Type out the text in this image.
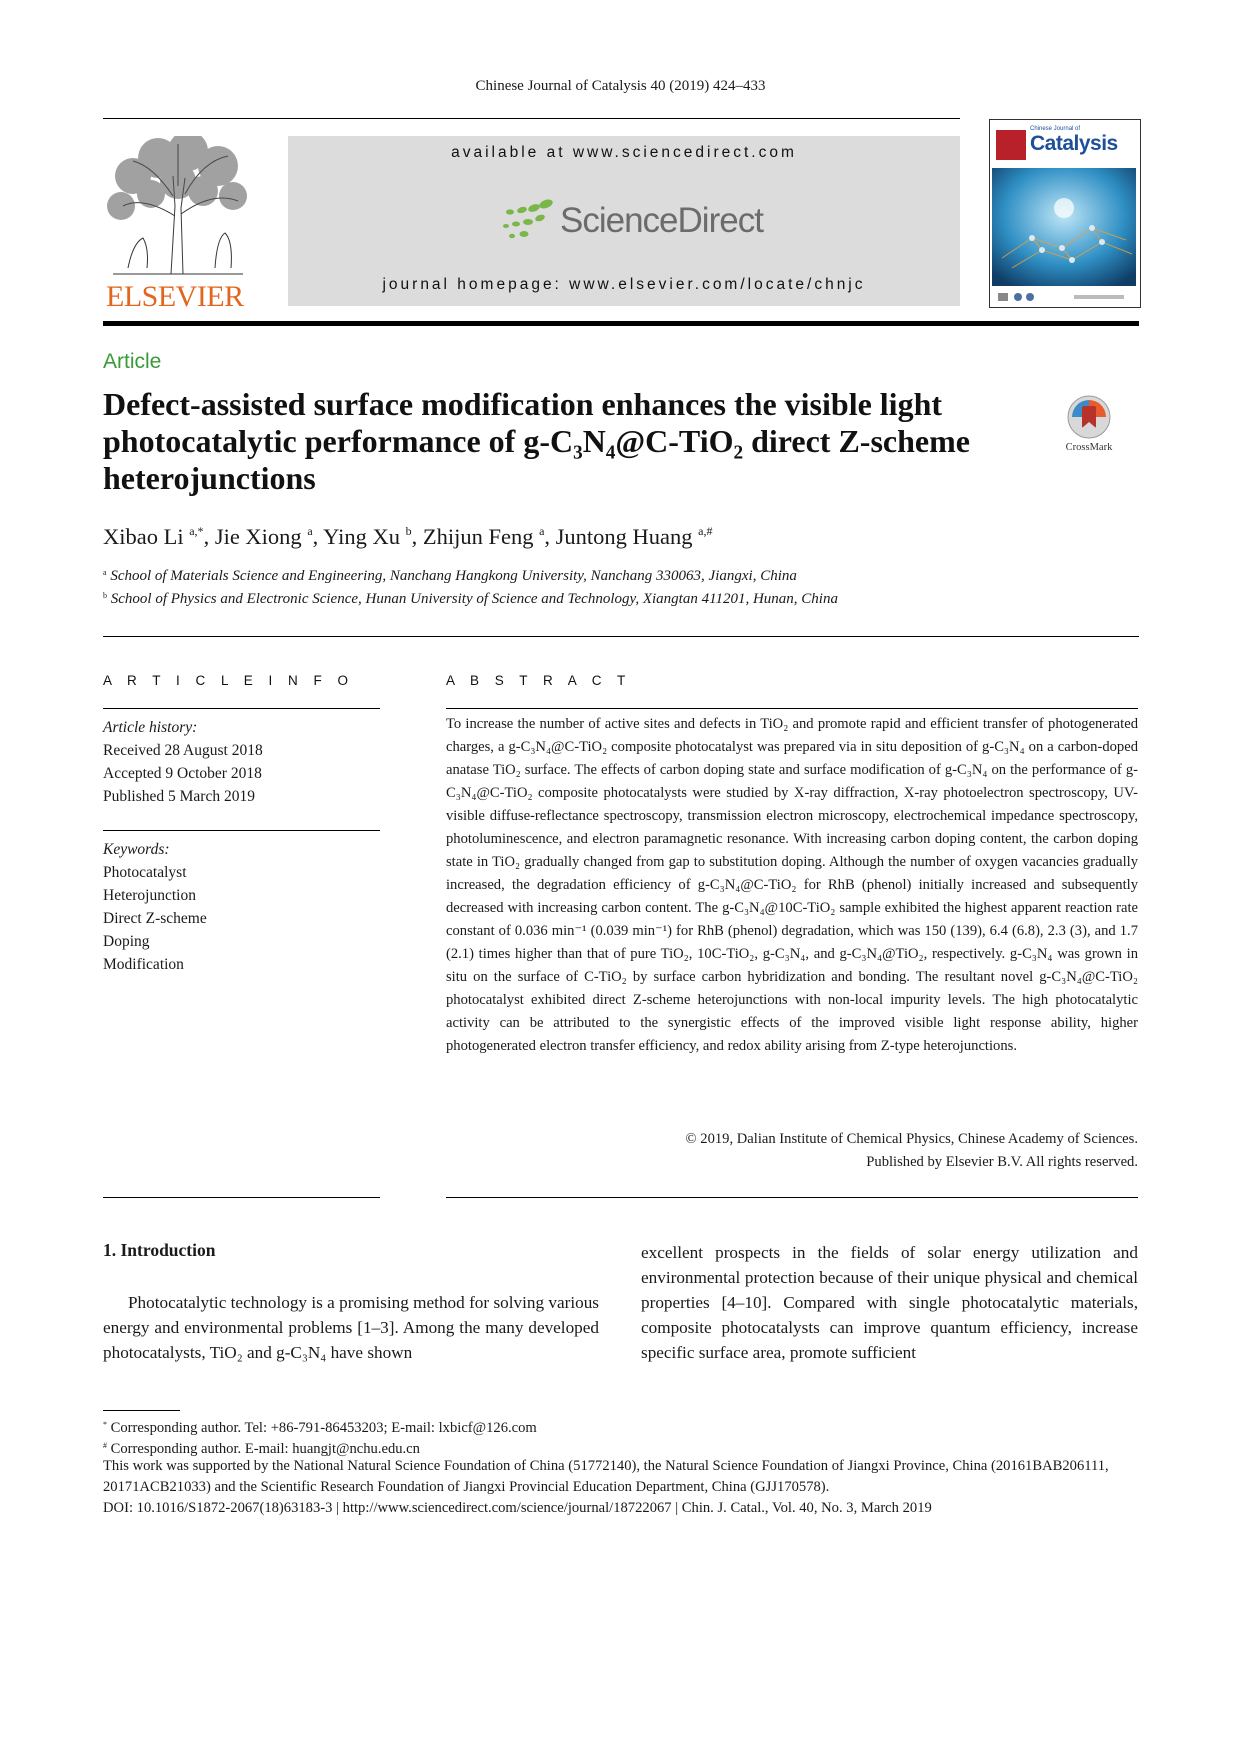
Chinese Journal of Catalysis 40 (2019) 424–433
ELSEVIER
available at www.sciencedirect.com
ScienceDirect
journal homepage: www.elsevier.com/locate/chnjc
Chinese Journal of
Catalysis
Article
Defect-assisted surface modification enhances the visible light
photocatalytic performance of g-C₃N₄@C-TiO₂ direct Z-scheme
heterojunctions
CrossMark
Xibao Li $^{a,*}$, Jie Xiong $^a$, Ying Xu $^b$, Zhijun Feng $^a$, Juntong Huang $^{a,\#}$
$^a$ School of Materials Science and Engineering, Nanchang Hangkong University, Nanchang 330063, Jiangxi, China
$^b$ School of Physics and Electronic Science, Hunan University of Science and Technology, Xiangtan 411201, Hunan, China
A R T I C L E I N F O
Article history:
Received 28 August 2018
Accepted 9 October 2018
Published 5 March 2019
Keywords:
Photocatalyst
Heterojunction
Direct Z-scheme
Doping
Modification
A B S T R A C T
To increase the number of active sites and defects in TiO₂ and promote rapid and efficient transfer of photogenerated charges, a g-C₃N₄@C-TiO₂ composite photocatalyst was prepared via in situ deposition of g-C₃N₄ on a carbon-doped anatase TiO₂ surface. The effects of carbon doping state and surface modification of g-C₃N₄ on the performance of g-C₃N₄@C-TiO₂ composite photocatalysts were studied by X-ray diffraction, X-ray photoelectron spectroscopy, UV-visible diffuse-reflectance spectroscopy, transmission electron microscopy, electrochemical impedance spectroscopy, photoluminescence, and electron paramagnetic resonance. With increasing carbon doping content, the carbon doping state in TiO₂ gradually changed from gap to substitution doping. Although the number of oxygen vacancies gradually increased, the degradation efficiency of g-C₃N₄@C-TiO₂ for RhB (phenol) initially increased and subsequently decreased with increasing carbon content. The g-C₃N₄@10C-TiO₂ sample exhibited the highest apparent reaction rate constant of 0.036 min⁻¹ (0.039 min⁻¹) for RhB (phenol) degradation, which was 150 (139), 6.4 (6.8), 2.3 (3), and 1.7 (2.1) times higher than that of pure TiO₂, 10C-TiO₂, g-C₃N₄, and g-C₃N₄@TiO₂, respectively. g-C₃N₄ was grown in situ on the surface of C-TiO₂ by surface carbon hybridization and bonding. The resultant novel g-C₃N₄@C-TiO₂ photocatalyst exhibited direct Z-scheme heterojunctions with non-local impurity levels. The high photocatalytic activity can be attributed to the synergistic effects of the improved visible light response ability, higher photogenerated electron transfer efficiency, and redox ability arising from Z-type heterojunctions.
© 2019, Dalian Institute of Chemical Physics, Chinese Academy of Sciences.
Published by Elsevier B.V. All rights reserved.
1. Introduction
Photocatalytic technology is a promising method for solving various energy and environmental problems [1–3]. Among the many developed photocatalysts, TiO₂ and g-C₃N₄ have shown
excellent prospects in the fields of solar energy utilization and environmental protection because of their unique physical and chemical properties [4–10]. Compared with single photocatalytic materials, composite photocatalysts can improve quantum efficiency, increase specific surface area, promote sufficient
* Corresponding author. Tel: +86-791-86453203; E-mail: lxbicf@126.com
# Corresponding author. E-mail: huangjt@nchu.edu.cn
This work was supported by the National Natural Science Foundation of China (51772140), the Natural Science Foundation of Jiangxi Province, China (20161BAB206111, 20171ACB21033) and the Scientific Research Foundation of Jiangxi Provincial Education Department, China (GJJ170578).
DOI: 10.1016/S1872-2067(18)63183-3 | http://www.sciencedirect.com/science/journal/18722067 | Chin. J. Catal., Vol. 40, No. 3, March 2019
